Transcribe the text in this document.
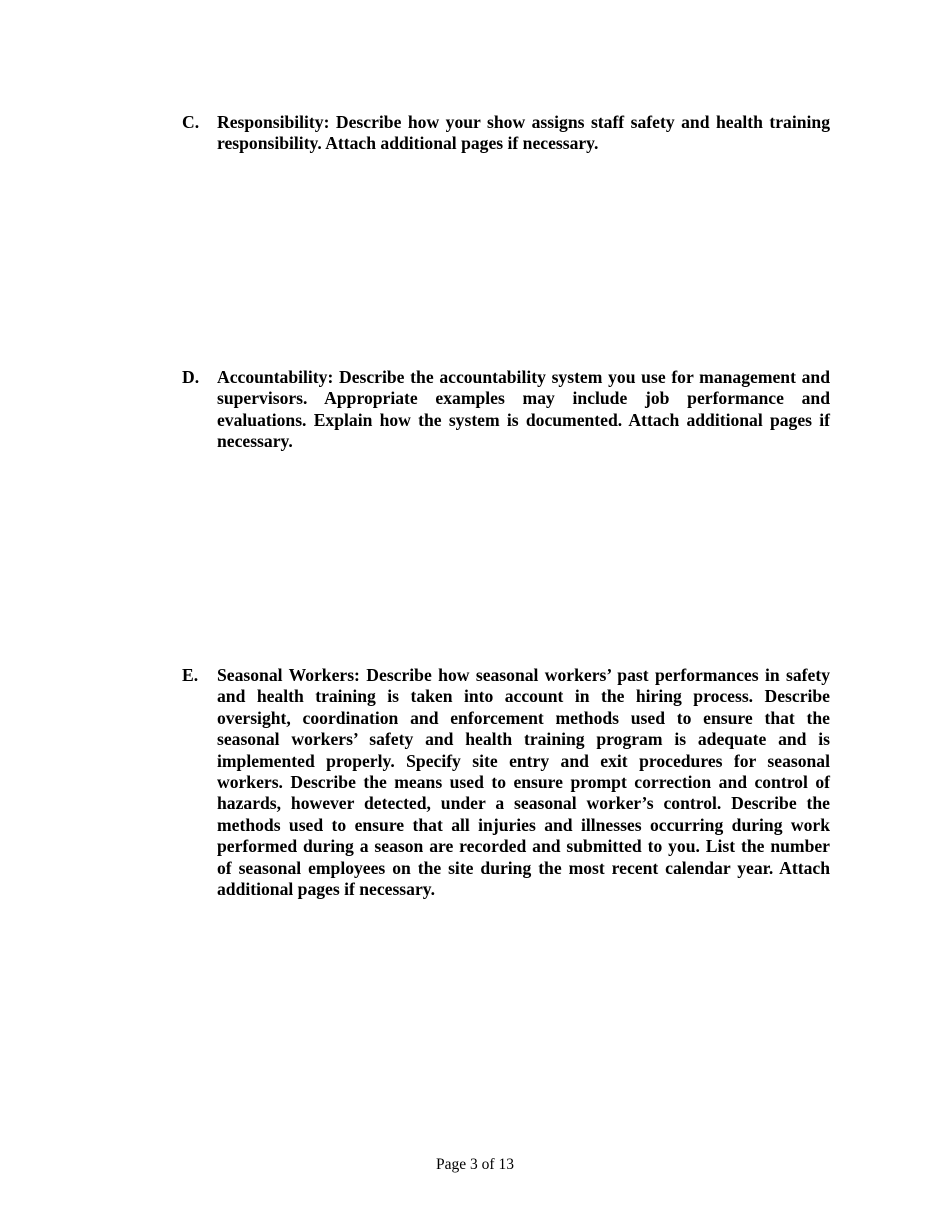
C. Responsibility: Describe how your show assigns staff safety and health training responsibility. Attach additional pages if necessary.
D. Accountability: Describe the accountability system you use for management and supervisors. Appropriate examples may include job performance and evaluations. Explain how the system is documented. Attach additional pages if necessary.
E. Seasonal Workers: Describe how seasonal workers’ past performances in safety and health training is taken into account in the hiring process. Describe oversight, coordination and enforcement methods used to ensure that the seasonal workers’ safety and health training program is adequate and is implemented properly. Specify site entry and exit procedures for seasonal workers. Describe the means used to ensure prompt correction and control of hazards, however detected, under a seasonal worker’s control. Describe the methods used to ensure that all injuries and illnesses occurring during work performed during a season are recorded and submitted to you. List the number of seasonal employees on the site during the most recent calendar year. Attach additional pages if necessary.
Page 3 of 13
